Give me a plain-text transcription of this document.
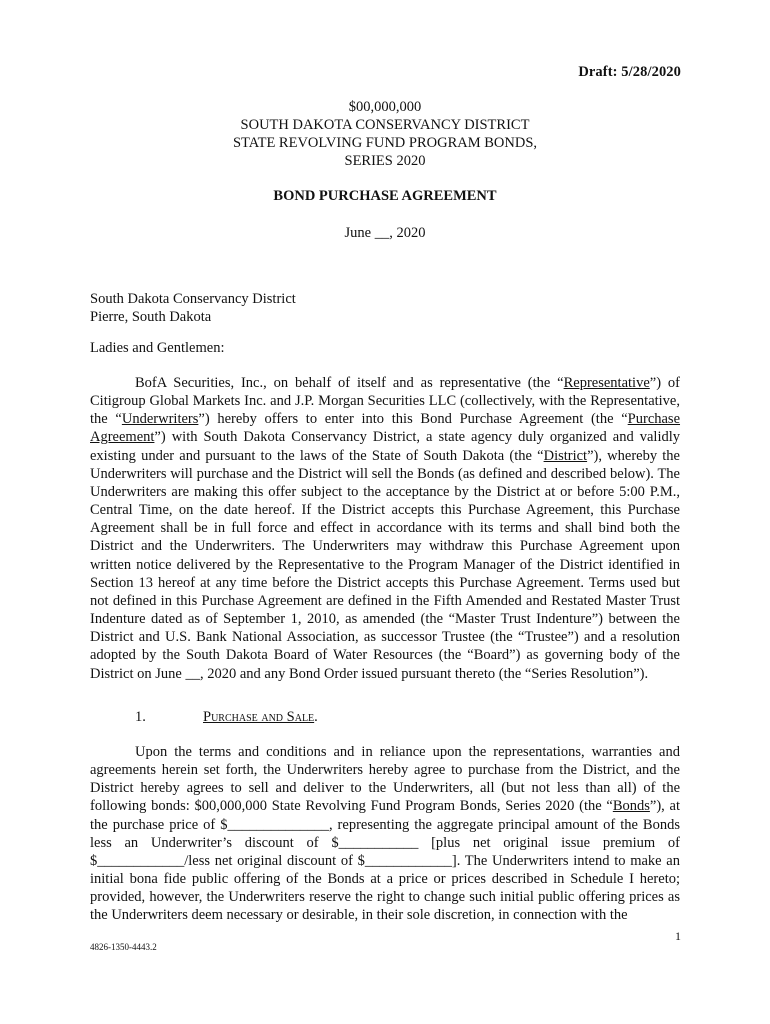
Draft: 5/28/2020
$00,000,000
SOUTH DAKOTA CONSERVANCY DISTRICT
STATE REVOLVING FUND PROGRAM BONDS,
SERIES 2020
BOND PURCHASE AGREEMENT
June __, 2020
South Dakota Conservancy District
Pierre, South Dakota
Ladies and Gentlemen:

BofA Securities, Inc., on behalf of itself and as representative (the “Representative”) of Citigroup Global Markets Inc. and J.P. Morgan Securities LLC (collectively, with the Representative, the “Underwriters”) hereby offers to enter into this Bond Purchase Agreement (the “Purchase Agreement”) with South Dakota Conservancy District, a state agency duly organized and validly existing under and pursuant to the laws of the State of South Dakota (the “District”), whereby the Underwriters will purchase and the District will sell the Bonds (as defined and described below). The Underwriters are making this offer subject to the acceptance by the District at or before 5:00 P.M., Central Time, on the date hereof. If the District accepts this Purchase Agreement, this Purchase Agreement shall be in full force and effect in accordance with its terms and shall bind both the District and the Underwriters. The Underwriters may withdraw this Purchase Agreement upon written notice delivered by the Representative to the Program Manager of the District identified in Section 13 hereof at any time before the District accepts this Purchase Agreement. Terms used but not defined in this Purchase Agreement are defined in the Fifth Amended and Restated Master Trust Indenture dated as of September 1, 2010, as amended (the “Master Trust Indenture”) between the District and U.S. Bank National Association, as successor Trustee (the “Trustee”) and a resolution adopted by the South Dakota Board of Water Resources (the “Board”) as governing body of the District on June __, 2020 and any Bond Order issued pursuant thereto (the “Series Resolution”).

1.	Purchase and Sale.

Upon the terms and conditions and in reliance upon the representations, warranties and agreements herein set forth, the Underwriters hereby agree to purchase from the District, and the District hereby agrees to sell and deliver to the Underwriters, all (but not less than all) of the following bonds: $00,000,000 State Revolving Fund Program Bonds, Series 2020 (the “Bonds”), at the purchase price of $______________, representing the aggregate principal amount of the Bonds less an Underwriter’s discount of $___________ [plus net original issue premium of $____________/less net original discount of $____________]. The Underwriters intend to make an initial bona fide public offering of the Bonds at a price or prices described in Schedule I hereto; provided, however, the Underwriters reserve the right to change such initial public offering prices as the Underwriters deem necessary or desirable, in their sole discretion, in connection with the

1
4826-1350-4443.2
